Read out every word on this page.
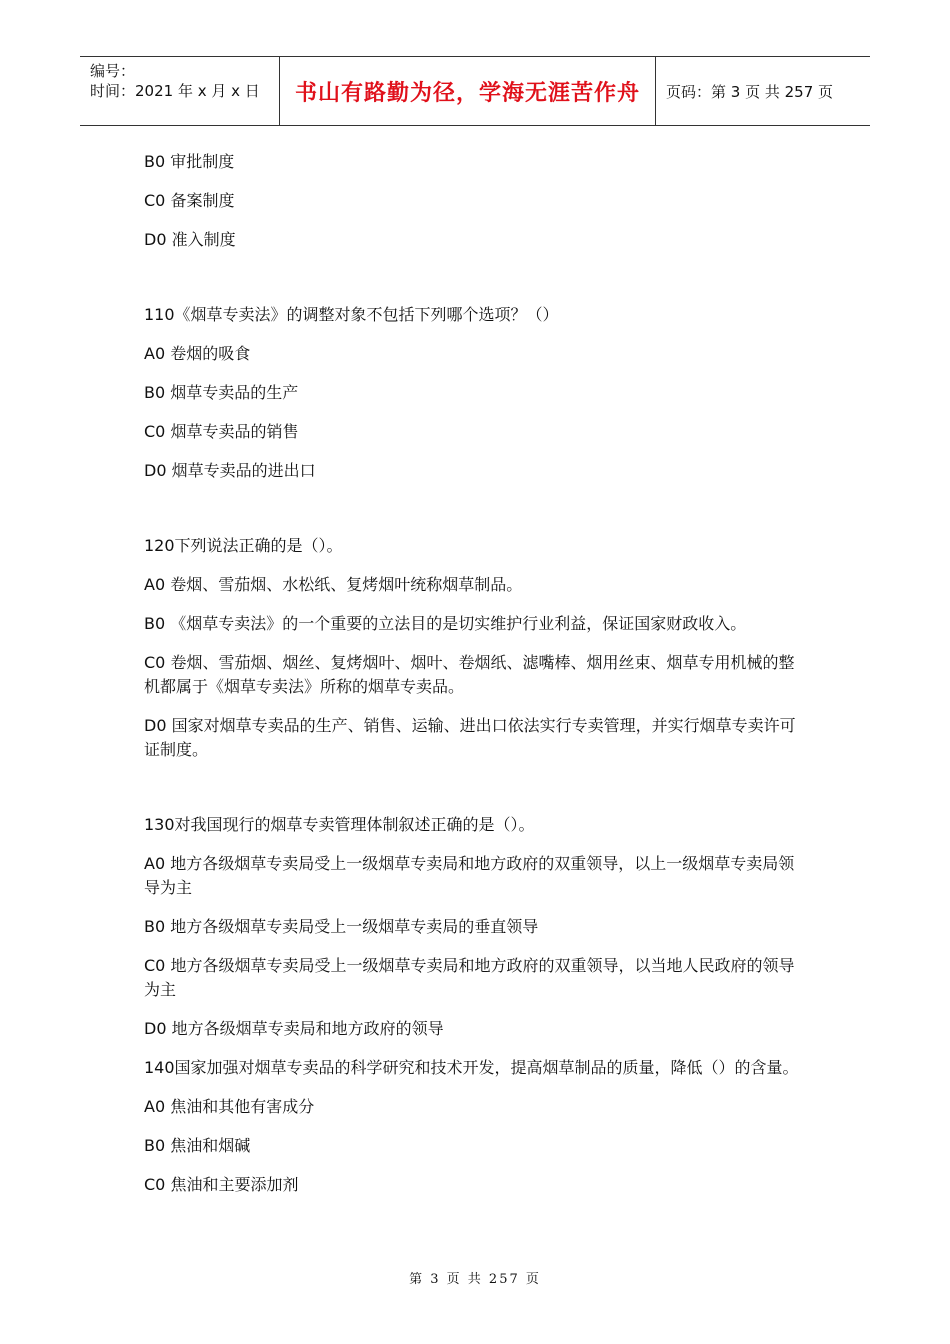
编号：
时间：2021 年 x 月 x 日	书山有路勤为径，学海无涯苦作舟	页码：第 3 页 共 257 页
B0 审批制度
C0 备案制度
D0 准入制度
110《烟草专卖法》的调整对象不包括下列哪个选项？（）
A0 卷烟的吸食
B0 烟草专卖品的生产
C0 烟草专卖品的销售
D0 烟草专卖品的进出口
120下列说法正确的是（）。
A0 卷烟、雪茄烟、水松纸、复烤烟叶统称烟草制品。
B0 《烟草专卖法》的一个重要的立法目的是切实维护行业利益，保证国家财政收入。
C0 卷烟、雪茄烟、烟丝、复烤烟叶、烟叶、卷烟纸、滤嘴棒、烟用丝束、烟草专用机械的整机都属于《烟草专卖法》所称的烟草专卖品。
D0 国家对烟草专卖品的生产、销售、运输、进出口依法实行专卖管理，并实行烟草专卖许可证制度。
130对我国现行的烟草专卖管理体制叙述正确的是（）。
A0 地方各级烟草专卖局受上一级烟草专卖局和地方政府的双重领导，以上一级烟草专卖局领导为主
B0 地方各级烟草专卖局受上一级烟草专卖局的垂直领导
C0 地方各级烟草专卖局受上一级烟草专卖局和地方政府的双重领导，以当地人民政府的领导为主
D0 地方各级烟草专卖局和地方政府的领导
140国家加强对烟草专卖品的科学研究和技术开发，提高烟草制品的质量，降低（）的含量。
A0 焦油和其他有害成分
B0 焦油和烟碱
C0 焦油和主要添加剂
第 3 页 共 257 页
